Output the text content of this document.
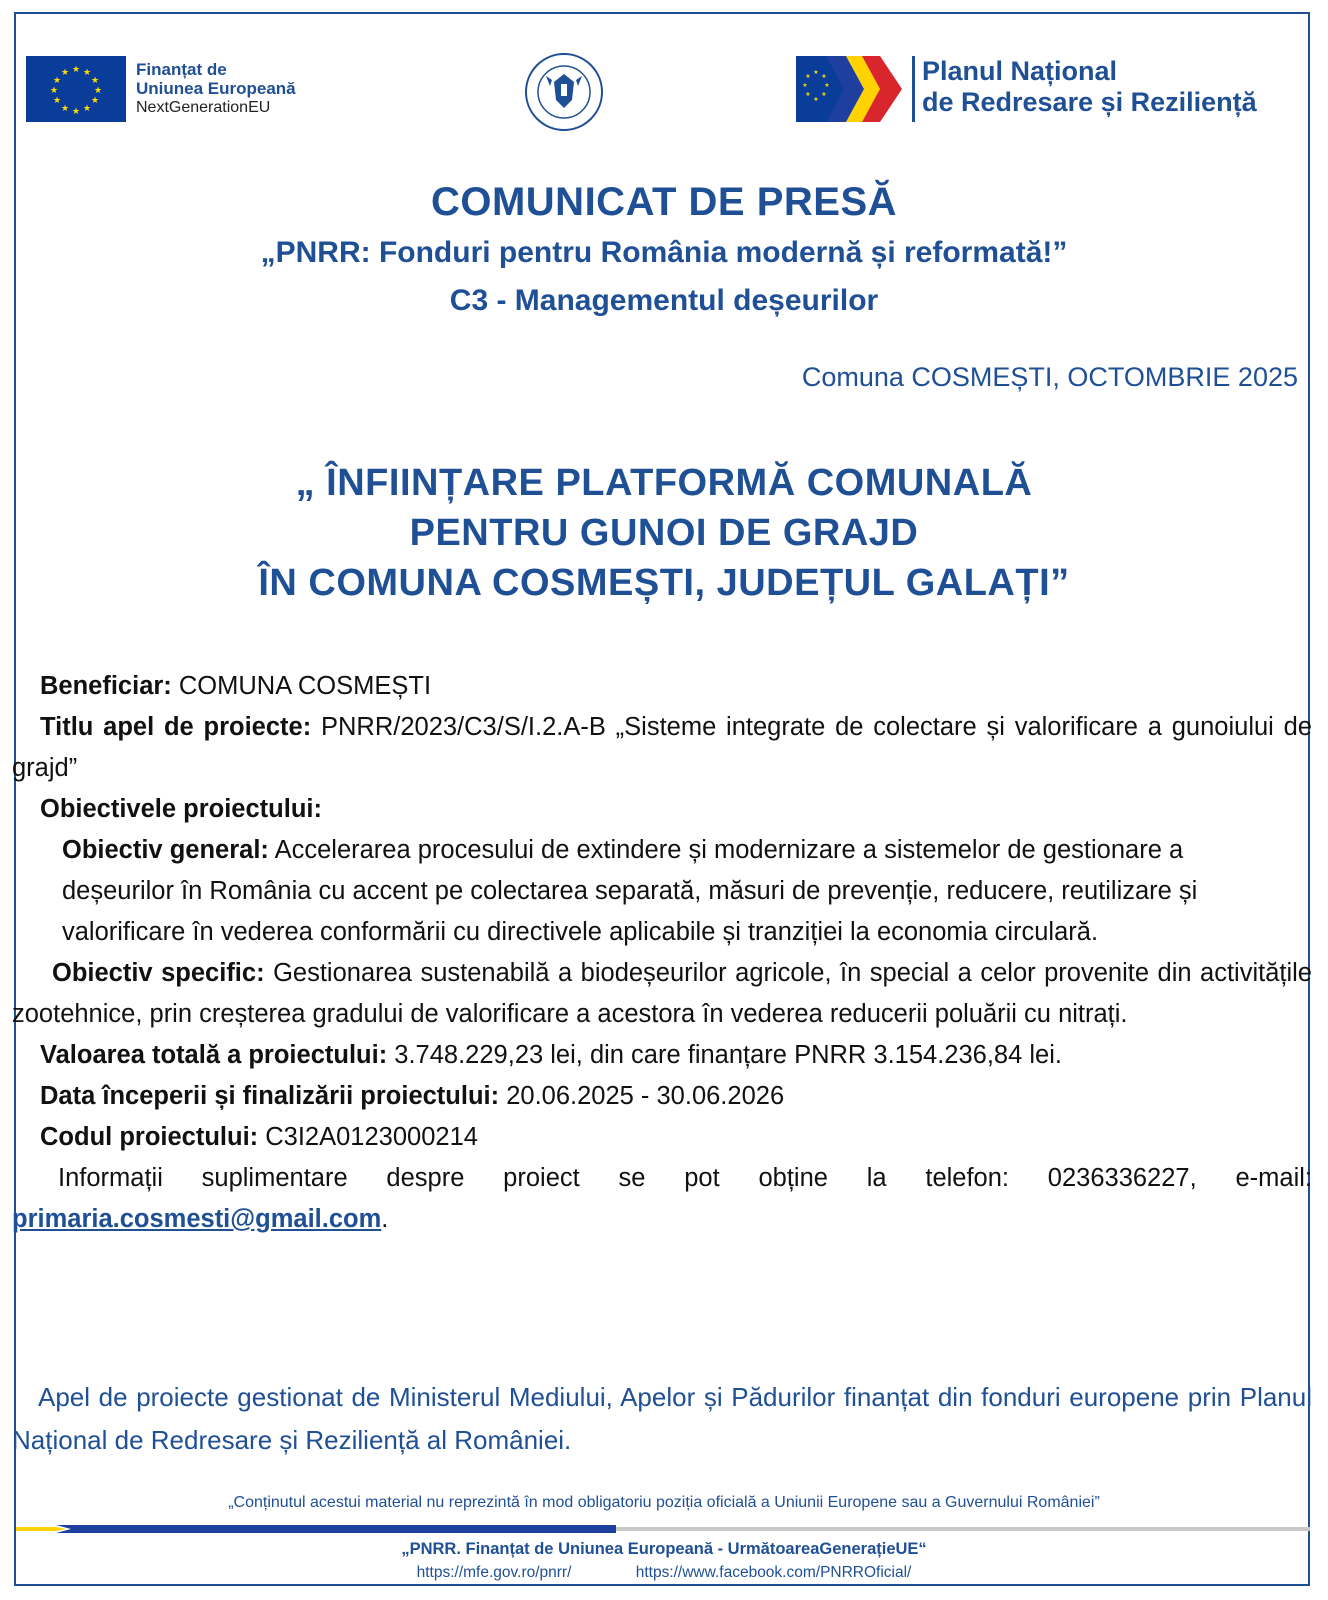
★ ★
★
★
★
★
★
★
★
★
★
★	Finanțat de
Uniunea Europeană
NextGenerationEU
★
★
★
★
★
★
★
★	Planul Național
de Redresare și Reziliență
COMUNICAT DE PRESĂ
„PNRR: Fonduri pentru România modernă și reformată!”
C3 - Managementul deșeurilor
Comuna COSMEȘTI, OCTOMBRIE 2025
„ ÎNFIINȚARE PLATFORMĂ COMUNALĂ
PENTRU GUNOI DE GRAJD
ÎN COMUNA COSMEȘTI, JUDEȚUL GALAȚI”

Beneficiar: COMUNA COSMEȘTI

Titlu apel de proiecte: PNRR/2023/C3/S/I.2.A-B „Sisteme integrate de colectare și valorificare a gunoiului de grajd”

Obiectivele proiectului:

Obiectiv general: Accelerarea procesului de extindere și modernizare a sistemelor de gestionare a deșeurilor în România cu accent pe colectarea separată, măsuri de prevenție, reducere, reutilizare și valorificare în vederea conformării cu directivele aplicabile și tranziției la economia circulară.

Obiectiv specific: Gestionarea sustenabilă a biodeșeurilor agricole, în special a celor provenite din activitățile zootehnice, prin creșterea gradului de valorificare a acestora în vederea reducerii poluării cu nitrați.

Valoarea totală a proiectului: 3.748.229,23 lei, din care finanțare PNRR 3.154.236,84 lei.

Data începerii și finalizării proiectului: 20.06.2025 - 30.06.2026

Codul proiectului: C3I2A0123000214

Informații suplimentare despre proiect se pot obține la telefon: 0236336227, e-mail: primaria.cosmesti@gmail.com.

Apel de proiecte gestionat de Ministerul Mediului, Apelor și Pădurilor finanțat din fonduri europene prin Planul Național de Redresare și Reziliență al României.
„Conținutul acestui material nu reprezintă în mod obligatoriu poziția oficială a Uniunii Europene sau a Guvernului României”
„PNRR. Finanțat de Uniunea Europeană - UrmătoareaGenerațieUE“
https://mfe.gov.ro/pnrr/	https://www.facebook.com/PNRROficial/
